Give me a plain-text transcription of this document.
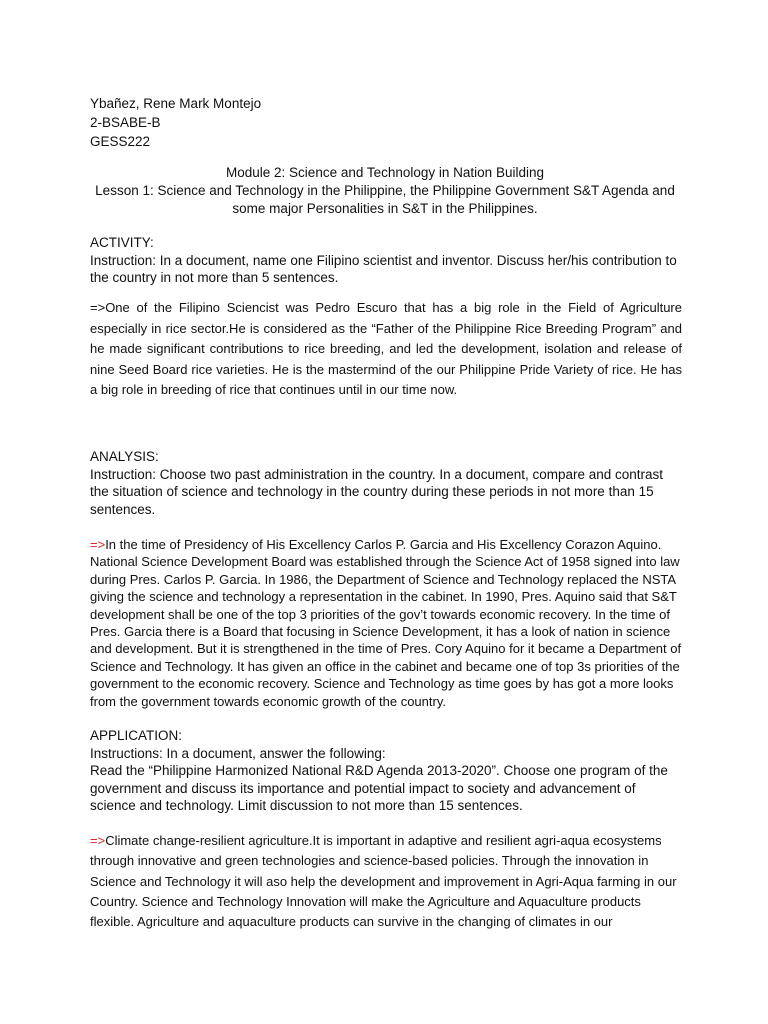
Ybañez, Rene Mark Montejo
2-BSABE-B
GESS222
Module 2: Science and Technology in Nation Building
Lesson 1: Science and Technology in the Philippine, the Philippine Government S&T Agenda and
some major Personalities in S&T in the Philippines.
ACTIVITY:
Instruction: In a document, name one Filipino scientist and inventor. Discuss her/his contribution to the country in not more than 5 sentences.
=>One of the Filipino Sciencist was Pedro Escuro that has a big role in the Field of Agriculture especially in rice sector.He is considered as the “Father of the Philippine Rice Breeding Program” and he made significant contributions to rice breeding, and led the development, isolation and release of nine Seed Board rice varieties. He is the mastermind of the our Philippine Pride Variety of rice. He has a big role in breeding of rice that continues until in our time now.
ANALYSIS:
Instruction: Choose two past administration in the country. In a document, compare and contrast the situation of science and technology in the country during these periods in not more than 15 sentences.
=>In the time of Presidency of His Excellency Carlos P. Garcia and His Excellency Corazon Aquino. National Science Development Board was established through the Science Act of 1958 signed into law during Pres. Carlos P. Garcia. In 1986, the Department of Science and Technology replaced the NSTA giving the science and technology a representation in the cabinet. In 1990, Pres. Aquino said that S&T development shall be one of the top 3 priorities of the gov’t towards economic recovery. In the time of Pres. Garcia there is a Board that focusing in Science Development, it has a look of nation in science and development. But it is strengthened in the time of Pres. Cory Aquino for it became a Department of Science and Technology. It has given an office in the cabinet and became one of top 3s priorities of the government to the economic recovery. Science and Technology as time goes by has got a more looks from the government towards economic growth of the country.
APPLICATION:
Instructions: In a document, answer the following:
Read the “Philippine Harmonized National R&D Agenda 2013-2020”. Choose one program of the government and discuss its importance and potential impact to society and advancement of science and technology. Limit discussion to not more than 15 sentences.
=>Climate change-resilient agriculture.It is important in adaptive and resilient agri-aqua ecosystems through innovative and green technologies and science-based policies. Through the innovation in Science and Technology it will aso help the development and improvement in Agri-Aqua farming in our Country. Science and Technology Innovation will make the Agriculture and Aquaculture products flexible. Agriculture and aquaculture products can survive in the changing of climates in our
